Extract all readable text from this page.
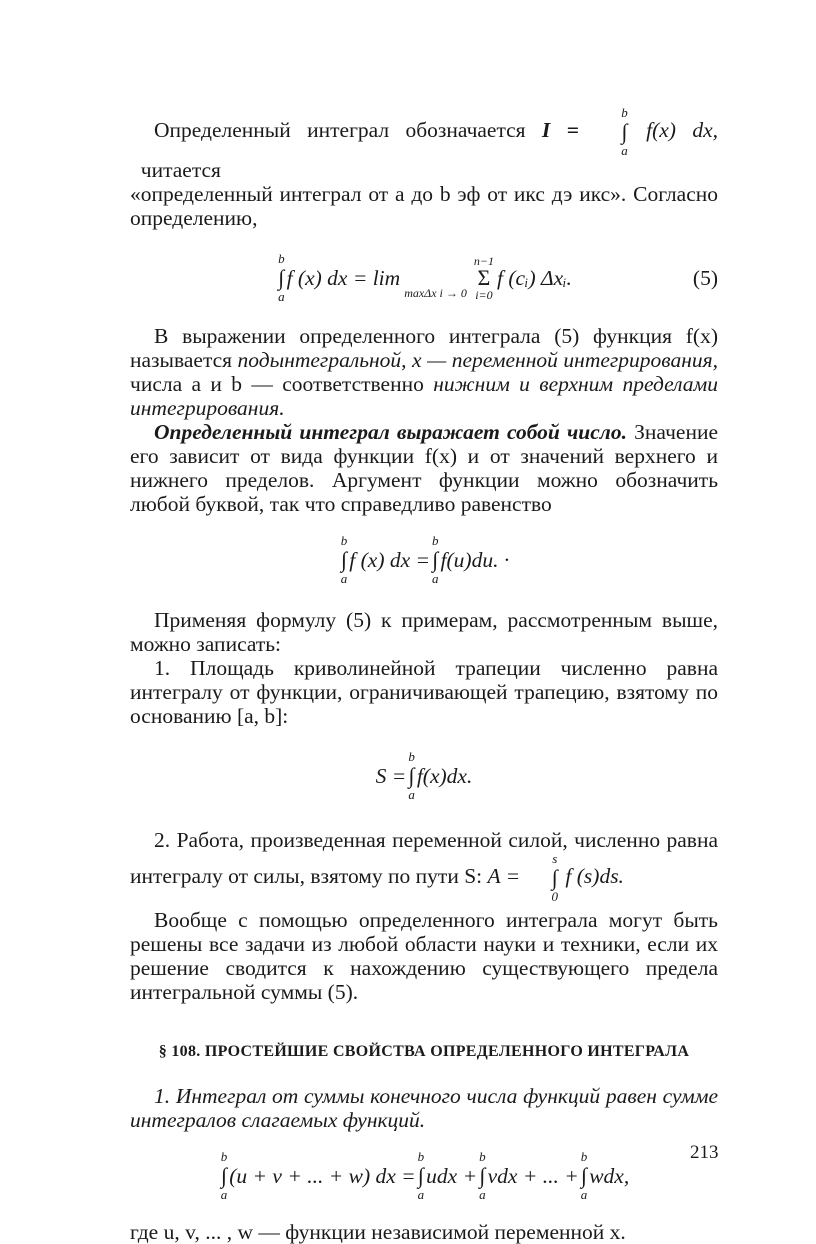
Определенный интеграл обозначается I =
b
∫
a
f(x) dx,   читается

«определенный интеграл от a до b эф от икс дэ икс». Согласно определению,

b
∫
a
f (x) dx = lim

maxΔx i → 0
n−1
Σ
i=0
f (cᵢ) Δxᵢ.	(5)

В выражении определенного интеграла (5) функция f(x) называется подынтегральной, x — переменной интегрирования, числа a и b — соответственно нижним и верхним пределами интегрирования.

Определенный интеграл выражает собой число. Значение его зависит от вида функции f(x) и от значений верхнего и нижнего пределов. Аргумент функции можно обозначить любой буквой, так что справедливо равенство

b
∫
a
f (x) dx =
b
∫
a
f(u)du.
·

Применяя формулу (5) к примерам, рассмотренным выше, можно записать:

1. Площадь криволинейной трапеции численно равна интегралу от функции, ограничивающей трапецию, взятому по основанию [a, b]:

S =
b
∫
a
f(x)dx.

2. Работа, произведенная переменной силой, численно равна интегралу от силы, взятому по пути S: A =
s
∫
0
f (s)ds.

Вообще с помощью определенного интеграла могут быть решены все задачи из любой области науки и техники, если их решение сводится к нахождению существующего предела интегральной суммы (5).

§ 108. ПРОСТЕЙШИЕ СВОЙСТВА ОПРЕДЕЛЕННОГО ИНТЕГРАЛА

1. Интеграл от суммы конечного числа функций равен сумме интегралов слагаемых функций.

b
∫
a
(u + v + ... + w) dx =
b
∫
a
udx +
b
∫
a
vdx + ... +
b
∫
a
wdx,

где u, v, ... , w — функции независимой переменной x.

213
